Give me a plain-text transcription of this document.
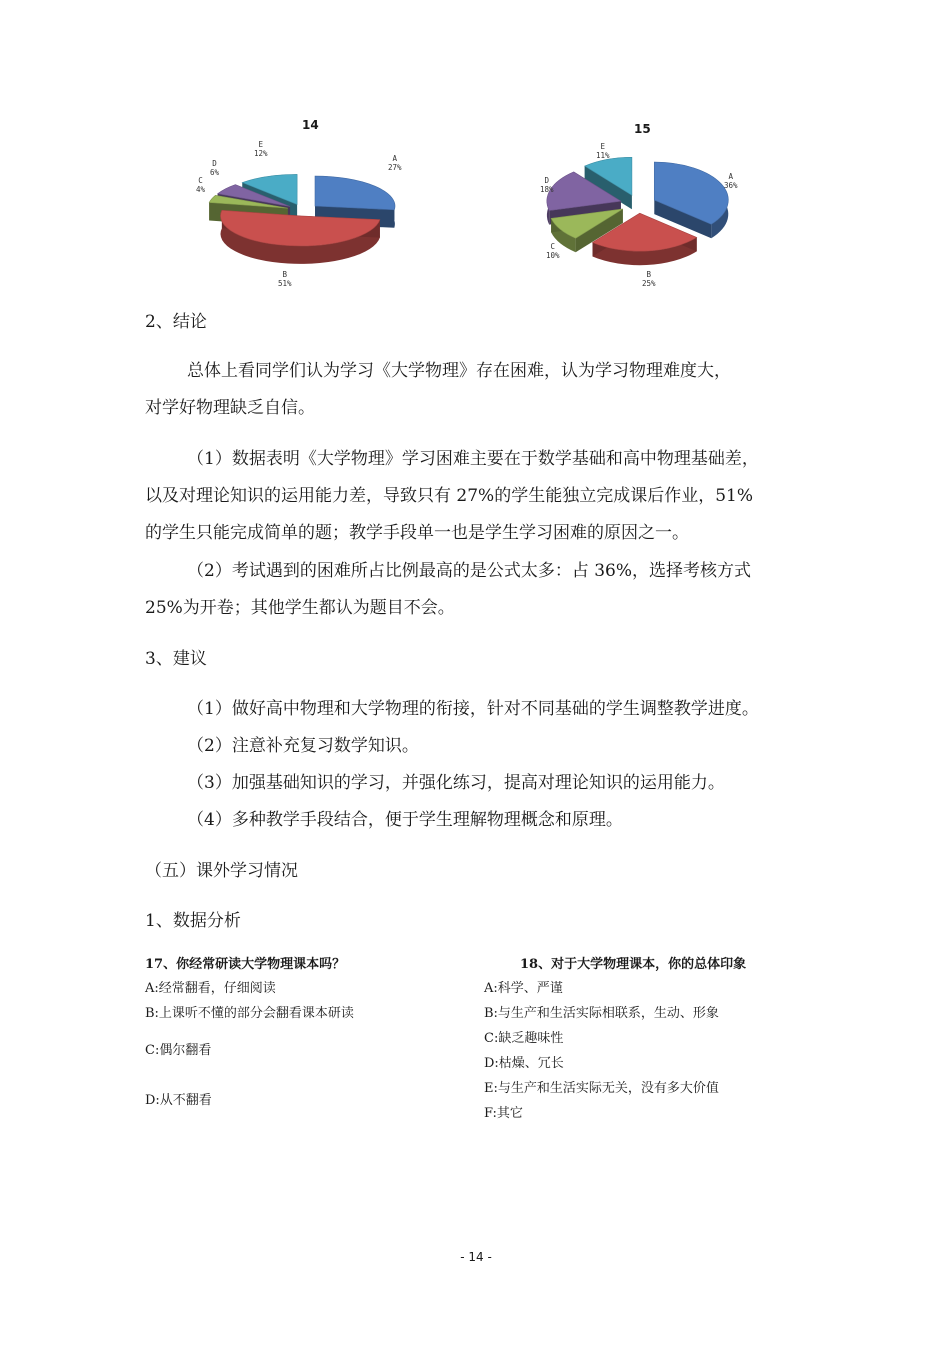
14
A
27%
B
51%
C
4%
D
6%
E
12%
15
A
36%
B
25%
C
10%
D
18%
E
11%
2、结论
总体上看同学们认为学习《大学物理》存在困难，认为学习物理难度大，
对学好物理缺乏自信。
（1）数据表明《大学物理》学习困难主要在于数学基础和高中物理基础差，
以及对理论知识的运用能力差，导致只有 27%的学生能独立完成课后作业，51%
的学生只能完成简单的题；教学手段单一也是学生学习困难的原因之一。
（2）考试遇到的困难所占比例最高的是公式太多：占 36%，选择考核方式
25%为开卷；其他学生都认为题目不会。
3、建议
（1）做好高中物理和大学物理的衔接，针对不同基础的学生调整教学进度。
（2）注意补充复习数学知识。
（3）加强基础知识的学习，并强化练习，提高对理论知识的运用能力。
（4）多种教学手段结合，便于学生理解物理概念和原理。
（五）课外学习情况
1、数据分析
17、你经常研读大学物理课本吗？
A:经常翻看，仔细阅读
B:上课听不懂的部分会翻看课本研读
C:偶尔翻看
D:从不翻看
18、对于大学物理课本，你的总体印象
A:科学、严谨
B:与生产和生活实际相联系，生动、形象
C:缺乏趣味性
D:枯燥、冗长
E:与生产和生活实际无关，没有多大价值
F:其它
- 14 -
